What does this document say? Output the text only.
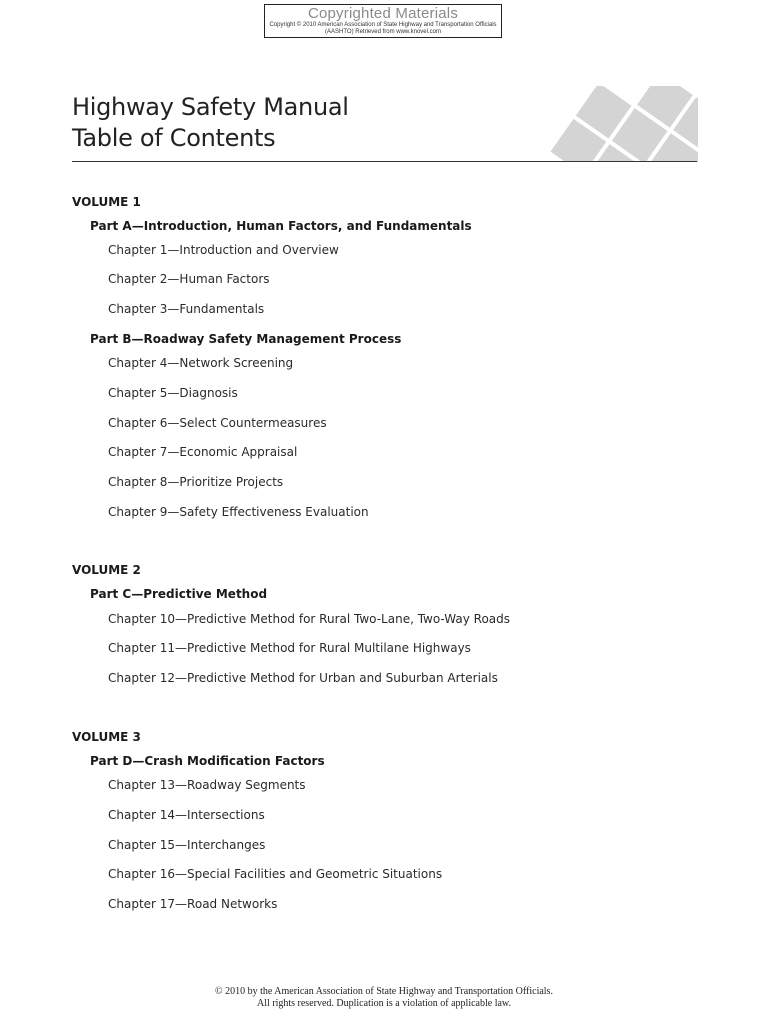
Copyrighted Materials
Copyright © 2010 American Association of State Highway and Transportation Officials
(AASHTO) Retrieved from www.knovel.com
Highway Safety Manual
Table of Contents
VOLUME 1
Part A—Introduction, Human Factors, and Fundamentals
Chapter 1—Introduction and Overview
Chapter 2—Human Factors
Chapter 3—Fundamentals
Part B—Roadway Safety Management Process
Chapter 4—Network Screening
Chapter 5—Diagnosis
Chapter 6—Select Countermeasures
Chapter 7—Economic Appraisal
Chapter 8—Prioritize Projects
Chapter 9—Safety Effectiveness Evaluation
VOLUME 2
Part C—Predictive Method
Chapter 10—Predictive Method for Rural Two-Lane, Two-Way Roads
Chapter 11—Predictive Method for Rural Multilane Highways
Chapter 12—Predictive Method for Urban and Suburban Arterials
VOLUME 3
Part D—Crash Modification Factors
Chapter 13—Roadway Segments
Chapter 14—Intersections
Chapter 15—Interchanges
Chapter 16—Special Facilities and Geometric Situations
Chapter 17—Road Networks
© 2010 by the American Association of State Highway and Transportation Officials.
All rights reserved. Duplication is a violation of applicable law.
